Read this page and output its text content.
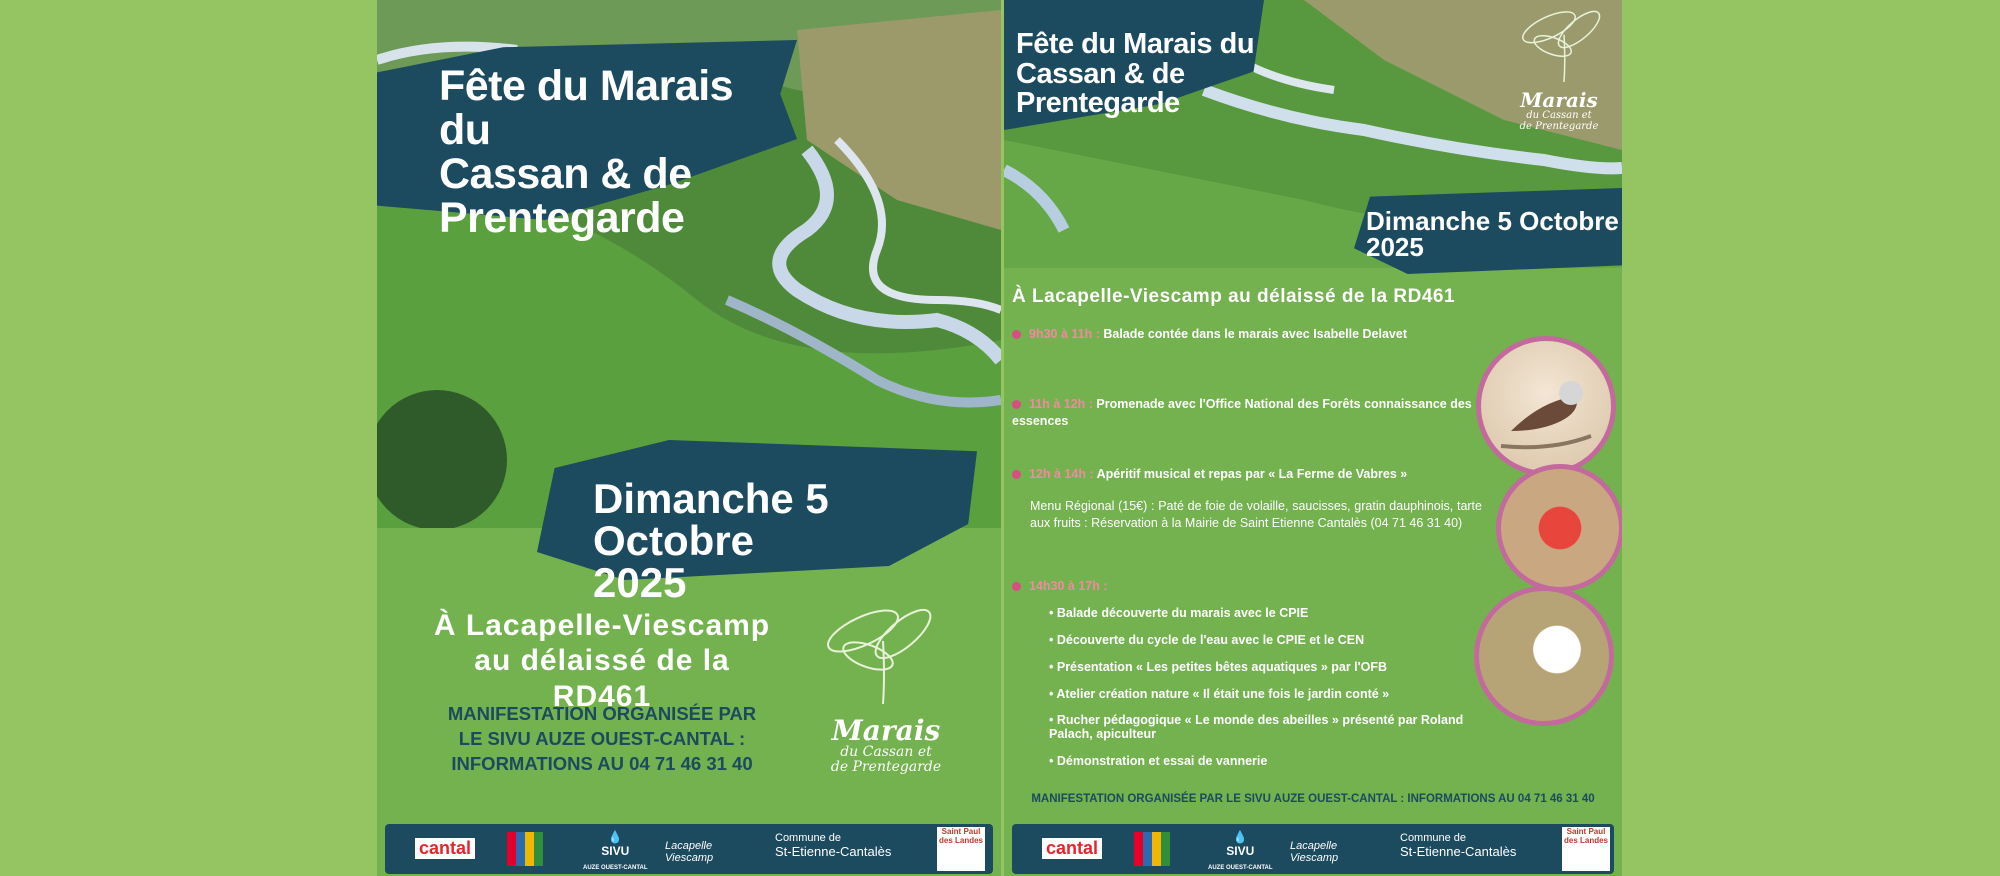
Fête du Marais du
Cassan & de
Prentegarde
Dimanche 5 Octobre
2025
À Lacapelle-Viescamp
au délaissé de la RD461
MANIFESTATION ORGANISÉE PAR
LE SIVU AUZE OUEST-CANTAL :
INFORMATIONS AU 04 71 46 31 40
Marais
du Cassan et
de Prentegarde
cantal
💧
SIVU
AUZE OUEST-CANTAL
Lacapelle Viescamp
Commune de
St-Etienne-Cantalès
Saint Paul des Landes
Fête du Marais du
Cassan & de
Prentegarde	Marais
du Cassan et
de Prentegarde
Dimanche 5 Octobre
2025
À Lacapelle-Viescamp au délaissé de la RD461
9h30 à 11h : Balade contée dans le marais avec Isabelle Delavet
11h à 12h : Promenade avec l'Office National des Forêts connaissance des essences
12h à 14h : Apéritif musical et repas par « La Ferme de Vabres »
Menu Régional (15€) : Paté de foie de volaille, saucisses, gratin dauphinois, tarte aux fruits : Réservation à la Mairie de Saint Etienne Cantalès (04 71 46 31 40)
14h30 à 17h :
• Balade découverte du marais avec le CPIE
• Découverte du cycle de l'eau avec le CPIE et le CEN
• Présentation « Les petites bêtes aquatiques » par l'OFB
• Atelier création nature « Il était une fois le jardin conté »
• Rucher pédagogique « Le monde des abeilles » présenté par Roland Palach, apiculteur
• Démonstration et essai de vannerie
MANIFESTATION ORGANISÉE PAR LE SIVU AUZE OUEST-CANTAL : INFORMATIONS AU 04 71 46 31 40
cantal
💧
SIVU
AUZE OUEST-CANTAL
Lacapelle Viescamp
Commune de
St-Etienne-Cantalès
Saint Paul des Landes
